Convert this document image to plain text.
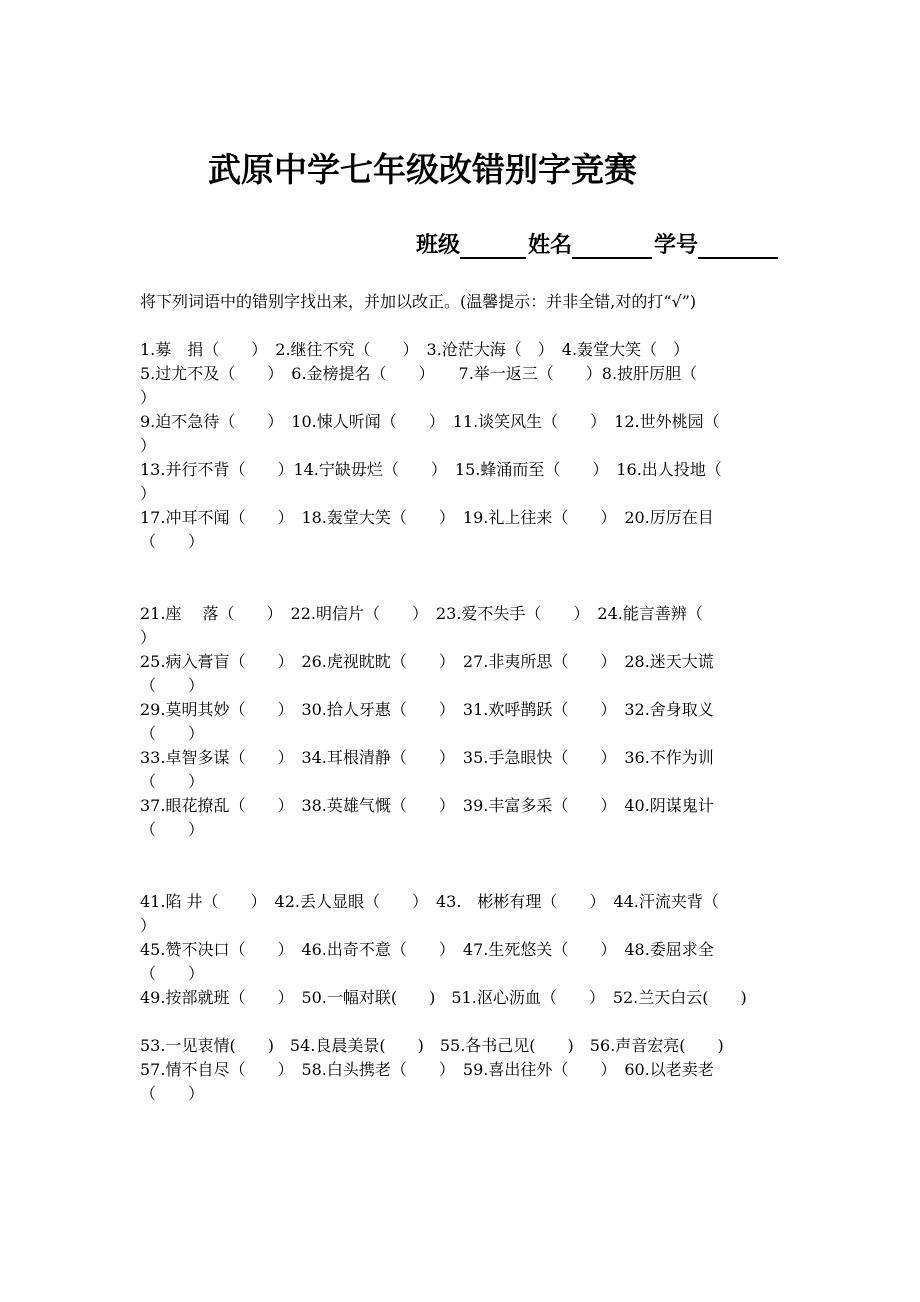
武原中学七年级改错别字竞赛
班级	姓名	学号

将下列词语中的错别字找出来，并加以改正。(温馨提示：并非全错,对的打“√”)

1.募　捐（　　）　2.继往不究（　　）　3.沧茫大海（　）　4.轰堂大笑（　）
5.过尤不及（　　）　6.金榜提名（　　）　　7.举一返三（　　）8.披肝厉胆（
）
9.迫不急待（　　）　10.悚人听闻（　　）　11.谈笑风生（　　）　12.世外桃园（
）
13.并行不背（　　）14.宁缺毋烂（　　）　15.蜂涌而至（　　）　16.出人投地（
）
17.冲耳不闻（　　）　18.轰堂大笑（　　）　19.礼上往来（　　）　20.厉厉在目
（　　）
21.座　 落（　　）　22.明信片（　　）　23.爱不失手（　　）　24.能言善辨（
）
25.病入膏盲（　　）　26.虎视眈眈（　　）　27.非夷所思（　　）　28.迷天大谎
（　　）
29.莫明其妙（　　）　30.拾人牙惠（　　）　31.欢呼鹊跃（　　）　32.舍身取义
（　　）
33.卓智多谋（　　）　34.耳根清静（　　）　35.手急眼快（　　）　36.不作为训
（　　）
37.眼花撩乱（　　）　38.英雄气慨（　　）　39.丰富多采（　　）　40.阴谋鬼计
（　　）
41.陷 井（　　）　42.丢人显眼（　　）　43.　彬彬有理（　　）　44.汗流夹背（
）
45.赞不决口（　　）　46.出奇不意（　　）　47.生死悠关（　　）　48.委屈求全
（　　）
49.按部就班（　　）　50.一幅对联(　　)　51.沤心沥血（　　）　52.兰天白云(　　)
53.一见衷情(　　)　54.良晨美景(　　)　55.各书己见(　　)　56.声音宏亮(　　)
57.情不自尽（　　）　58.白头携老（　　）　59.喜出往外（　　）　60.以老卖老
（　　）
